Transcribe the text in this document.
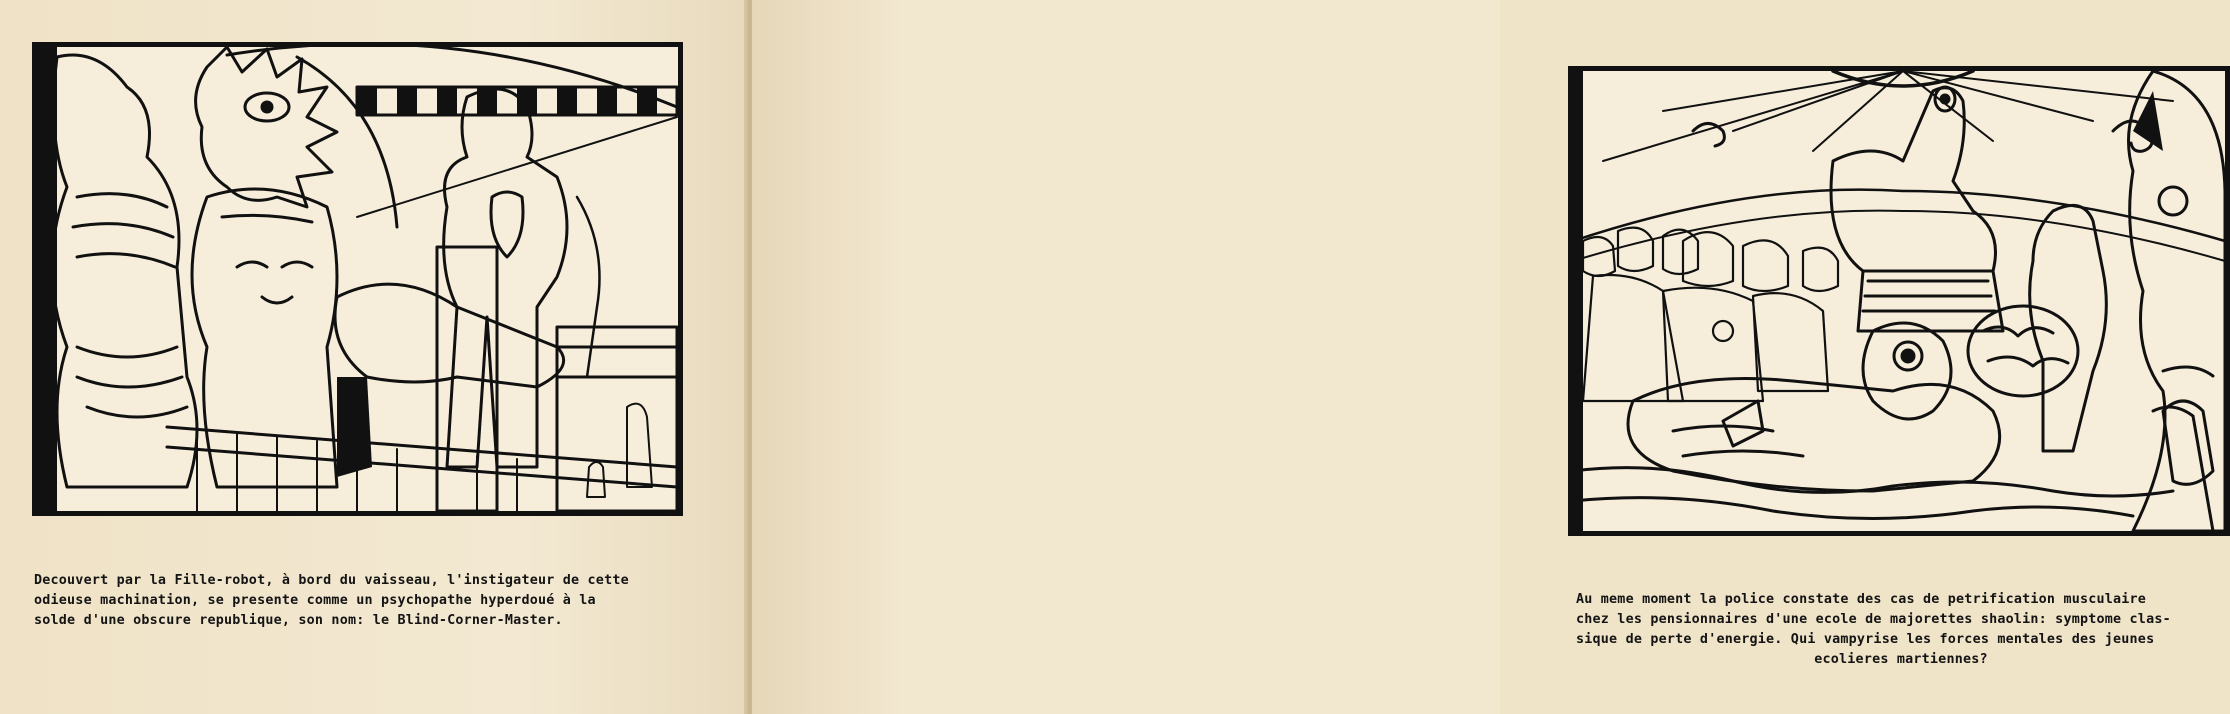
Decouvert par la Fille-robot, à bord du vaisseau, l'instigateur de cette
odieuse machination, se presente comme un psychopathe hyperdoué à la
solde d'une obscure republique, son nom: le Blind-Corner-Master.

Au meme moment la police constate des cas de petrification musculaire
chez les pensionnaires d'une ecole de majorettes shaolin: symptome clas-
sique de perte d'energie. Qui vampyrise les forces mentales des jeunes
ecolieres martiennes?
